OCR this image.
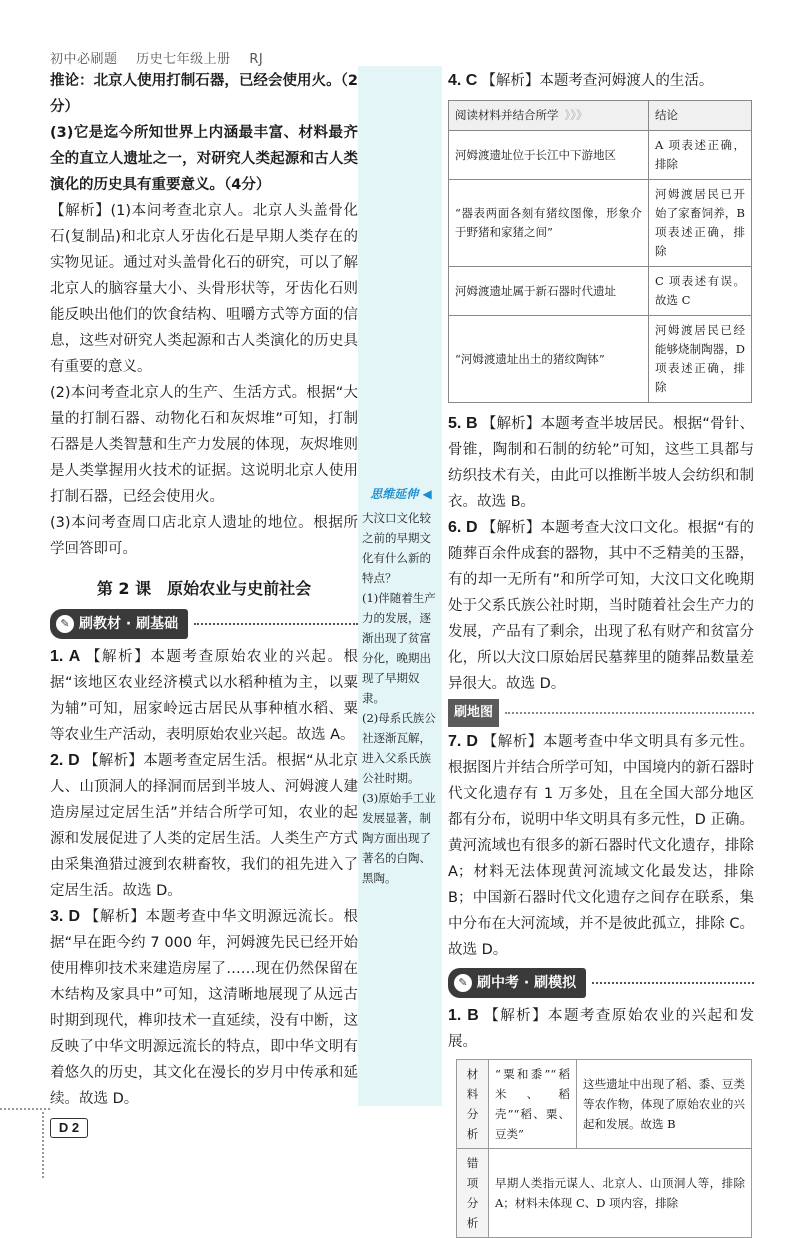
初中必刷题 历史七年级上册 RJ

推论：北京人使用打制石器，已经会使用火。（2分）

(3)它是迄今所知世界上内涵最丰富、材料最齐全的直立人遗址之一，对研究人类起源和古人类演化的历史具有重要意义。（4分）

【解析】(1)本问考查北京人。北京人头盖骨化石(复制品)和北京人牙齿化石是早期人类存在的实物见证。通过对头盖骨化石的研究，可以了解北京人的脑容量大小、头骨形状等，牙齿化石则能反映出他们的饮食结构、咀嚼方式等方面的信息，这些对研究人类起源和古人类演化的历史具有重要的意义。

(2)本问考查北京人的生产、生活方式。根据“大量的打制石器、动物化石和灰烬堆”可知，打制石器是人类智慧和生产力发展的体现，灰烬堆则是人类掌握用火技术的证据。这说明北京人使用打制石器，已经会使用火。

(3)本问考查周口店北京人遗址的地位。根据所学回答即可。

第 2 课　原始农业与史前社会
✎ 刷教材 · 刷基础

1. A 【解析】本题考查原始农业的兴起。根据“该地区农业经济模式以水稻种植为主，以粟为辅”可知，屈家岭远古居民从事种植水稻、粟等农业生产活动，表明原始农业兴起。故选 A。

2. D 【解析】本题考查定居生活。根据“从北京人、山顶洞人的择洞而居到半坡人、河姆渡人建造房屋过定居生活”并结合所学可知，农业的起源和发展促进了人类的定居生活。人类生产方式由采集渔猎过渡到农耕畜牧，我们的祖先进入了定居生活。故选 D。

3. D 【解析】本题考查中华文明源远流长。根据“早在距今约 7 000 年，河姆渡先民已经开始使用榫卯技术来建造房屋了……现在仍然保留在木结构及家具中”可知，这清晰地展现了从远古时期到现代，榫卯技术一直延续，没有中断，这反映了中华文明源远流长的特点，即中华文明有着悠久的历史，其文化在漫长的岁月中传承和延续。故选 D。

思维延伸 ◀

大汶口文化较之前的早期文化有什么新的特点？

(1)伴随着生产力的发展，逐渐出现了贫富分化，晚期出现了早期奴隶。

(2)母系氏族公社逐渐瓦解，进入父系氏族公社时期。

(3)原始手工业发展显著，制陶方面出现了著名的白陶、黑陶。

4. C 【解析】本题考查河姆渡人的生活。

阅读材料并结合所学 》》》	结论
河姆渡遗址位于长江中下游地区	A 项表述正确，排除
“器表两面各刻有猪纹图像，形象介于野猪和家猪之间”	河姆渡居民已开始了家畜饲养，B 项表述正确，排除
河姆渡遗址属于新石器时代遗址	C 项表述有误。故选 C
“河姆渡遗址出土的猪纹陶钵”	河姆渡居民已经能够烧制陶器，D 项表述正确，排除

5. B 【解析】本题考查半坡居民。根据“骨针、骨锥，陶制和石制的纺轮”可知，这些工具都与纺织技术有关，由此可以推断半坡人会纺织和制衣。故选 B。

6. D 【解析】本题考查大汶口文化。根据“有的随葬百余件成套的器物，其中不乏精美的玉器，有的却一无所有”和所学可知，大汶口文化晚期处于父系氏族公社时期，当时随着社会生产力的发展，产品有了剩余，出现了私有财产和贫富分化，所以大汶口原始居民墓葬里的随葬品数量差异很大。故选 D。

刷地图

7. D 【解析】本题考查中华文明具有多元性。根据图片并结合所学可知，中国境内的新石器时代文化遗存有 1 万多处，且在全国大部分地区都有分布，说明中华文明具有多元性，D 正确。黄河流域也有很多的新石器时代文化遗存，排除 A；材料无法体现黄河流域文化最发达，排除 B；中国新石器时代文化遗存之间存在联系，集中分布在大河流域，并不是彼此孤立，排除 C。故选 D。

✎ 刷中考 · 刷模拟

1. B 【解析】本题考查原始农业的兴起和发展。

材料分析	“粟和黍”“稻米、稻壳”“稻、粟、豆类”	这些遗址中出现了稻、黍、豆类等农作物，体现了原始农业的兴起和发展。故选 B
错项分析	早期人类指元谋人、北京人、山顶洞人等，排除 A；材料未体现 C、D 项内容，排除	
D 2
